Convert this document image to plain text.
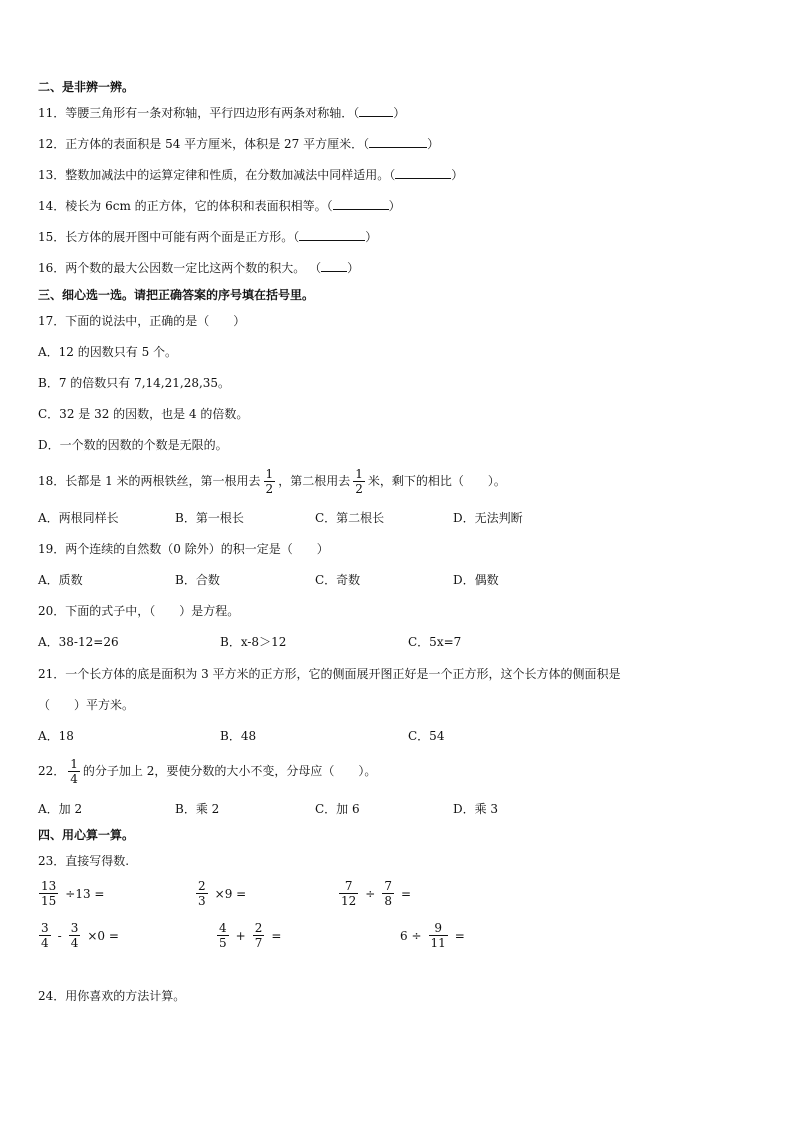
二、是非辨一辨。
11．等腰三角形有一条对称轴，平行四边形有两条对称轴．（	）
12．正方体的表面积是 54 平方厘米，体积是 27 平方厘米．（	）
13．整数加减法中的运算定律和性质，在分数加减法中同样适用。（	）
14．棱长为 6cm 的正方体，它的体积和表面积相等。（	）
15．长方体的展开图中可能有两个面是正方形。（	）
16．两个数的最大公因数一定比这两个数的积大。 （ ）
三、细心选一选。请把正确答案的序号填在括号里。
17．下面的说法中，正确的是（　　）
A．12 的因数只有 5 个。
B．7 的倍数只有 7,14,21,28,35。
C．32 是 32 的因数，也是 4 的倍数。
D．一个数的因数的个数是无限的。
18．长都是 1 米的两根铁丝，第一根用去 $\frac{1}{2}$ ，第二根用去 $\frac{1}{2}$ 米，剩下的相比（　　）。
A．两根同样长	B．第一根长	C．第二根长	D．无法判断
19．两个连续的自然数（0 除外）的积一定是（　　）
A．质数	B．合数	C．奇数	D．偶数
20．下面的式子中，（　　）是方程。
A．38-12=26	B．x-8＞12	C．5x=7
21．一个长方体的底是面积为 3 平方米的正方形，它的侧面展开图正好是一个正方形，这个长方体的侧面积是
（　　）平方米。
A．18	B．48	C．54
22． $\frac{1}{4}$ 的分子加上 2，要使分数的大小不变，分母应（　　）。
A．加 2	B．乘 2	C．加 6	D．乘 3
四、用心算一算。
23．直接写得数.
$\frac{13}{15} \div 13$ =	$\frac{2}{3} \times 9$ =	$\frac{7}{12} \div \frac{7}{8}$ =
$\frac{3}{4} - \frac{3}{4} \times 0$ =	$\frac{4}{5} + \frac{2}{7}$ =	$6 \div \frac{9}{11}$ =
24．用你喜欢的方法计算。
